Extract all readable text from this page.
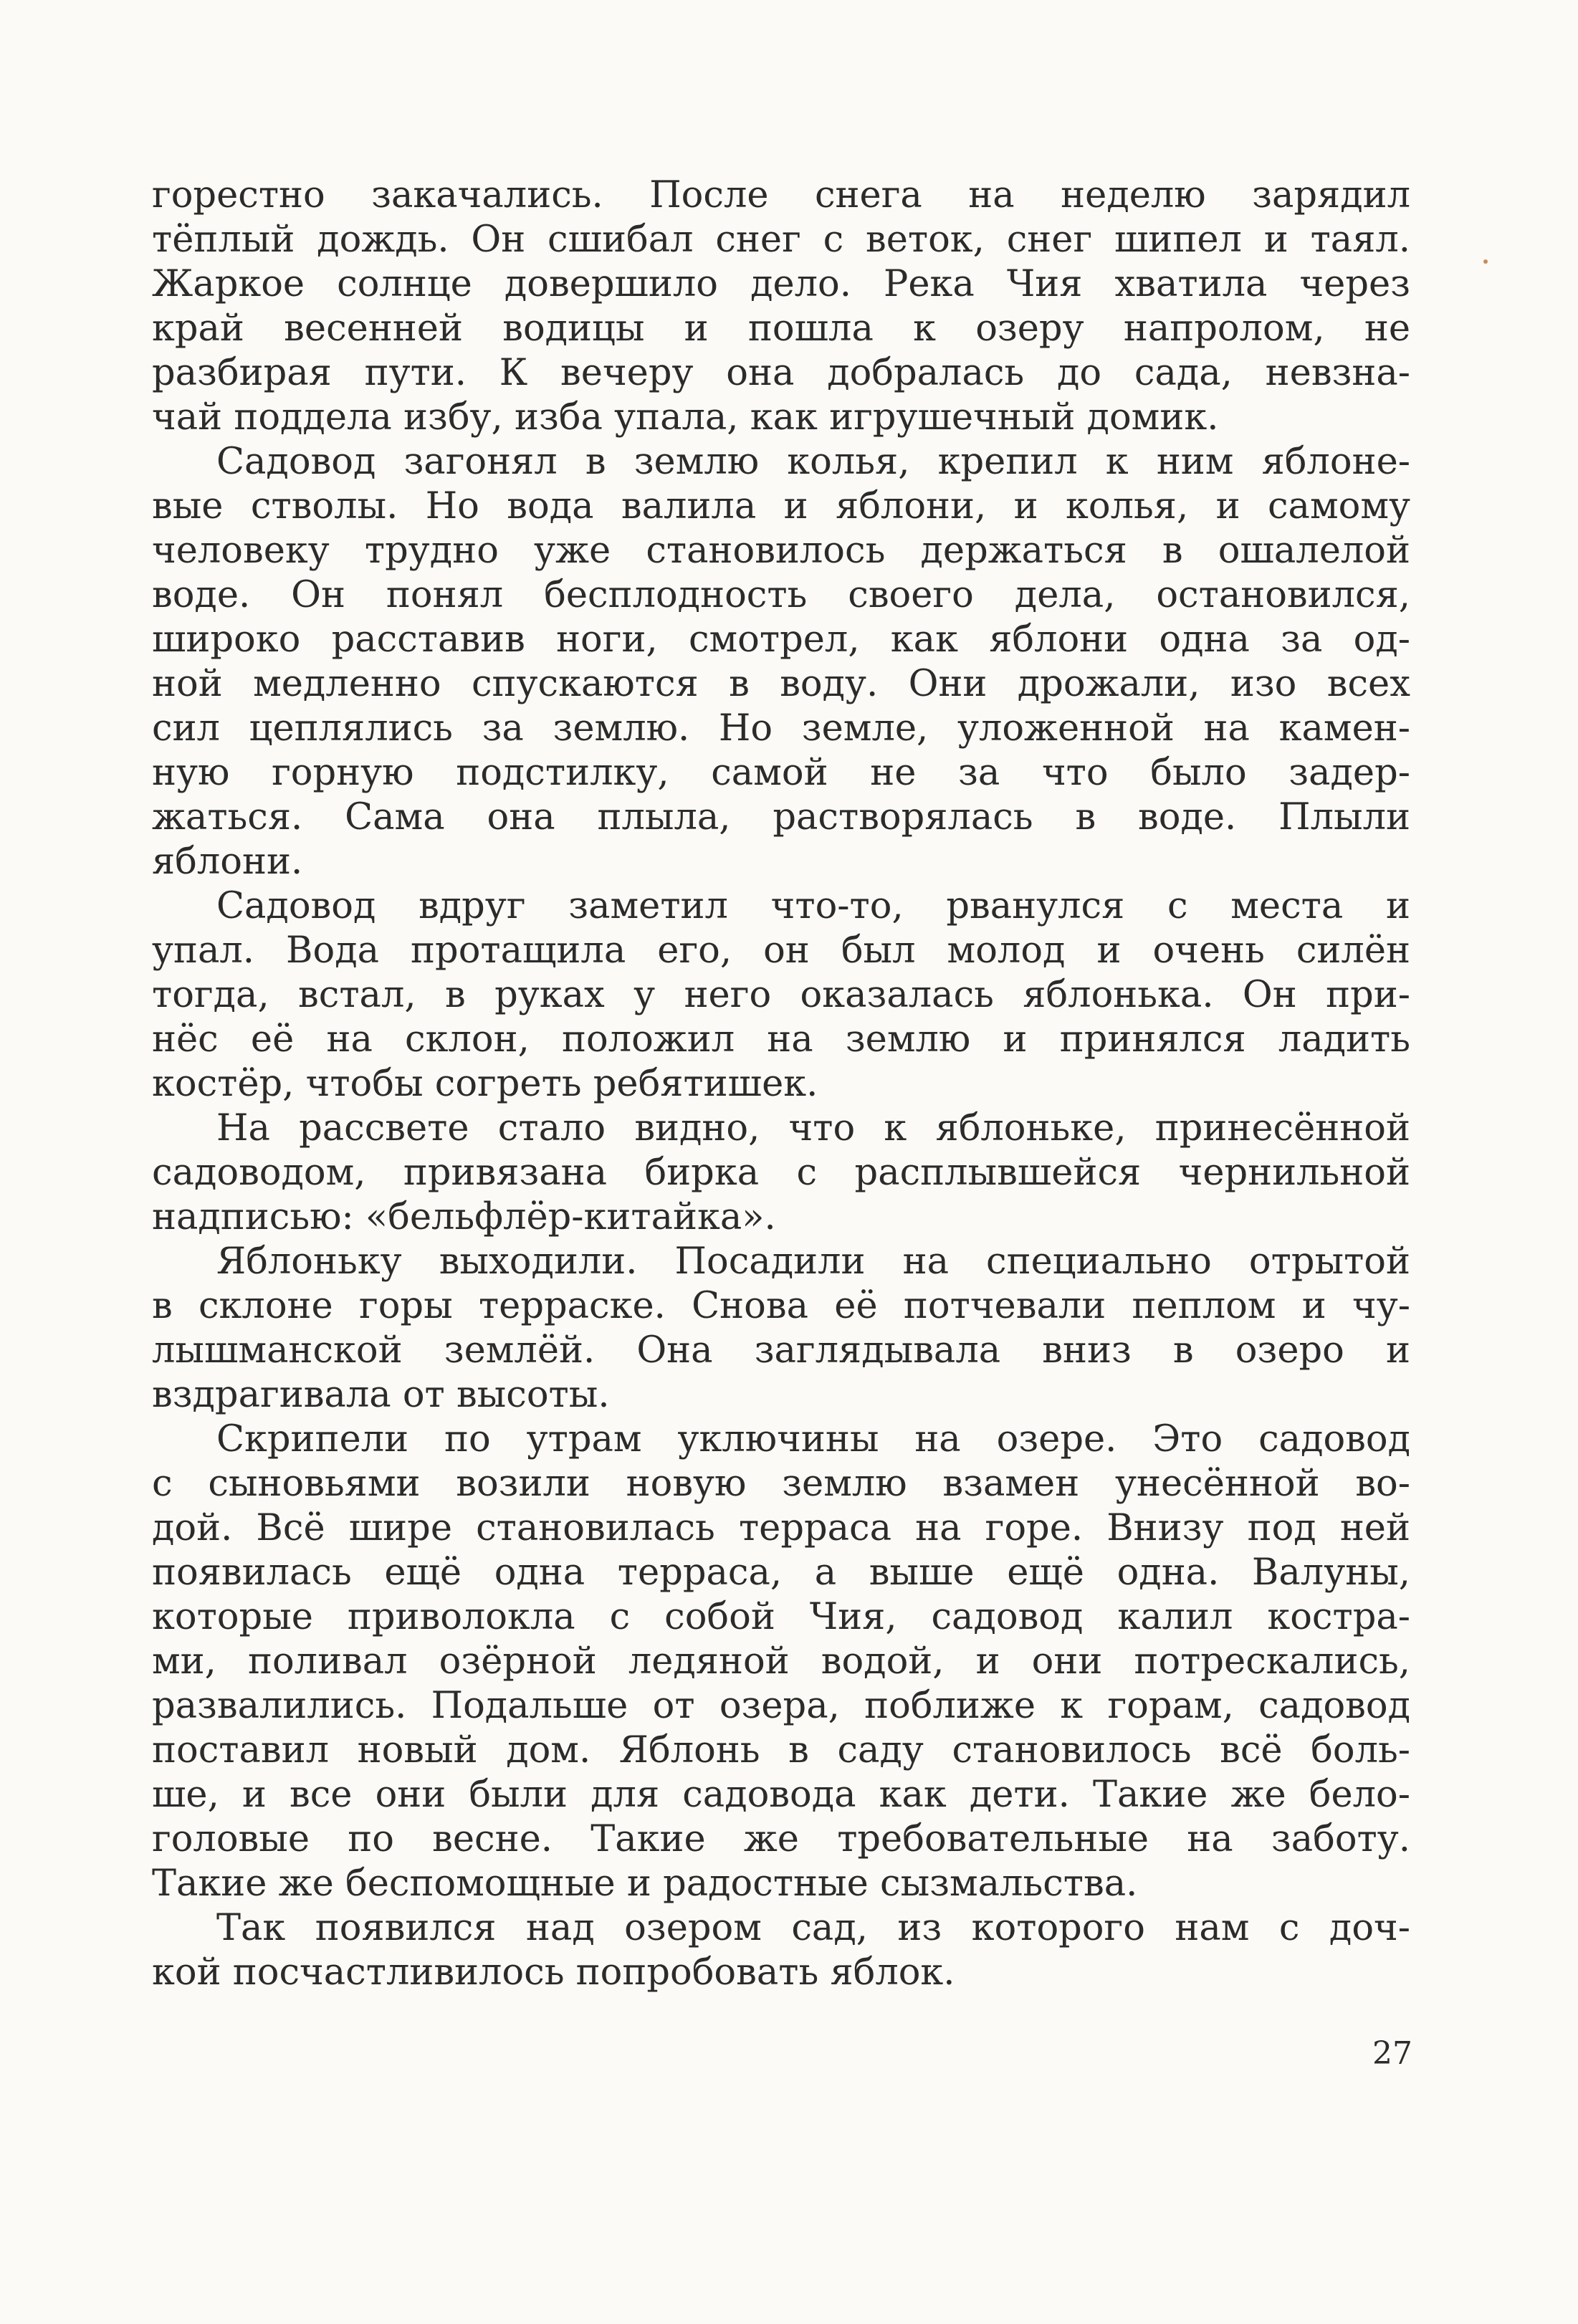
горестно закачались. После снега на неделю зарядил
тёплый дождь. Он сшибал снег с веток, снег шипел и таял.
Жаркое солнце довершило дело. Река Чия хватила через
край весенней водицы и пошла к озеру напролом, не
разбирая пути. К вечеру она добралась до сада, невзна-
чай поддела избу, изба упала, как игрушечный домик.
Садовод загонял в землю колья, крепил к ним яблоне-
вые стволы. Но вода валила и яблони, и колья, и самому
человеку трудно уже становилось держаться в ошалелой
воде. Он понял бесплодность своего дела, остановился,
широко расставив ноги, смотрел, как яблони одна за од-
ной медленно спускаются в воду. Они дрожали, изо всех
сил цеплялись за землю. Но земле, уложенной на камен-
ную горную подстилку, самой не за что было задер-
жаться. Сама она плыла, растворялась в воде. Плыли
яблони.
Садовод вдруг заметил что-то, рванулся с места и
упал. Вода протащила его, он был молод и очень силён
тогда, встал, в руках у него оказалась яблонька. Он при-
нёс её на склон, положил на землю и принялся ладить
костёр, чтобы согреть ребятишек.
На рассвете стало видно, что к яблоньке, принесённой
садоводом, привязана бирка с расплывшейся чернильной
надписью: «бельфлёр-китайка».
Яблоньку выходили. Посадили на специально отрытой
в склоне горы терраске. Снова её потчевали пеплом и чу-
лышманской землёй. Она заглядывала вниз в озеро и
вздрагивала от высоты.
Скрипели по утрам уключины на озере. Это садовод
с сыновьями возили новую землю взамен унесённой во-
дой. Всё шире становилась терраса на горе. Внизу под ней
появилась ещё одна терраса, а выше ещё одна. Валуны,
которые приволокла с собой Чия, садовод калил костра-
ми, поливал озёрной ледяной водой, и они потрескались,
развалились. Подальше от озера, поближе к горам, садовод
поставил новый дом. Яблонь в саду становилось всё боль-
ше, и все они были для садовода как дети. Такие же бело-
головые по весне. Такие же требовательные на заботу.
Такие же беспомощные и радостные сызмальства.
Так появился над озером сад, из которого нам с доч-
кой посчастливилось попробовать яблок.
27
